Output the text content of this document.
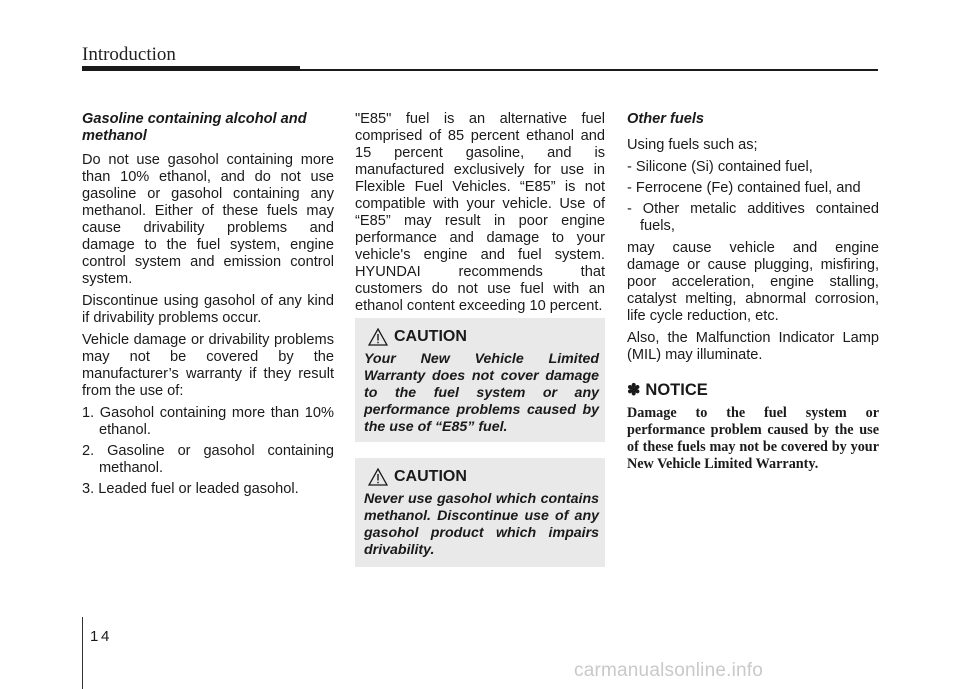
Introduction
Gasoline containing alcohol and
methanol

Do not use gasohol containing more than 10% ethanol, and do not use gasoline or gasohol containing any methanol. Either of these fuels may cause drivability problems and damage to the fuel system, engine control system and emission control system.

Discontinue using gasohol of any kind if drivability problems occur.

Vehicle damage or drivability problems may not be covered by the manufacturer’s warranty if they result from the use of:

1. Gasohol containing more than 10% ethanol.
2. Gasoline or gasohol containing methanol.
3. Leaded fuel or leaded gasohol.

"E85" fuel is an alternative fuel comprised of 85 percent ethanol and 15 percent gasoline, and is manufactured exclusively for use in Flexible Fuel Vehicles. “E85” is not compatible with your vehicle. Use of “E85” may result in poor engine performance and damage to your vehicle's engine and fuel system. HYUNDAI recommends that customers do not use fuel with an ethanol content exceeding 10 percent.

CAUTION
Your New Vehicle Limited Warranty does not cover damage to the fuel system or any performance problems caused by the use of “E85” fuel.
CAUTION
Never use gasohol which contains methanol. Discontinue use of any gasohol product which impairs drivability.
Other fuels

Using fuels such as;

- Silicone (Si) contained fuel,
- Ferrocene (Fe) contained fuel, and
- Other metalic additives contained fuels,

may cause vehicle and engine damage or cause plugging, misfiring, poor acceleration, engine stalling, catalyst melting, abnormal corrosion, life cycle reduction, etc.

Also, the Malfunction Indicator Lamp (MIL) may illuminate.

✽ NOTICE
Damage to the fuel system or performance problem caused by the use of these fuels may not be covered by your New Vehicle Limited Warranty.
1 4
carmanualsonline.info
